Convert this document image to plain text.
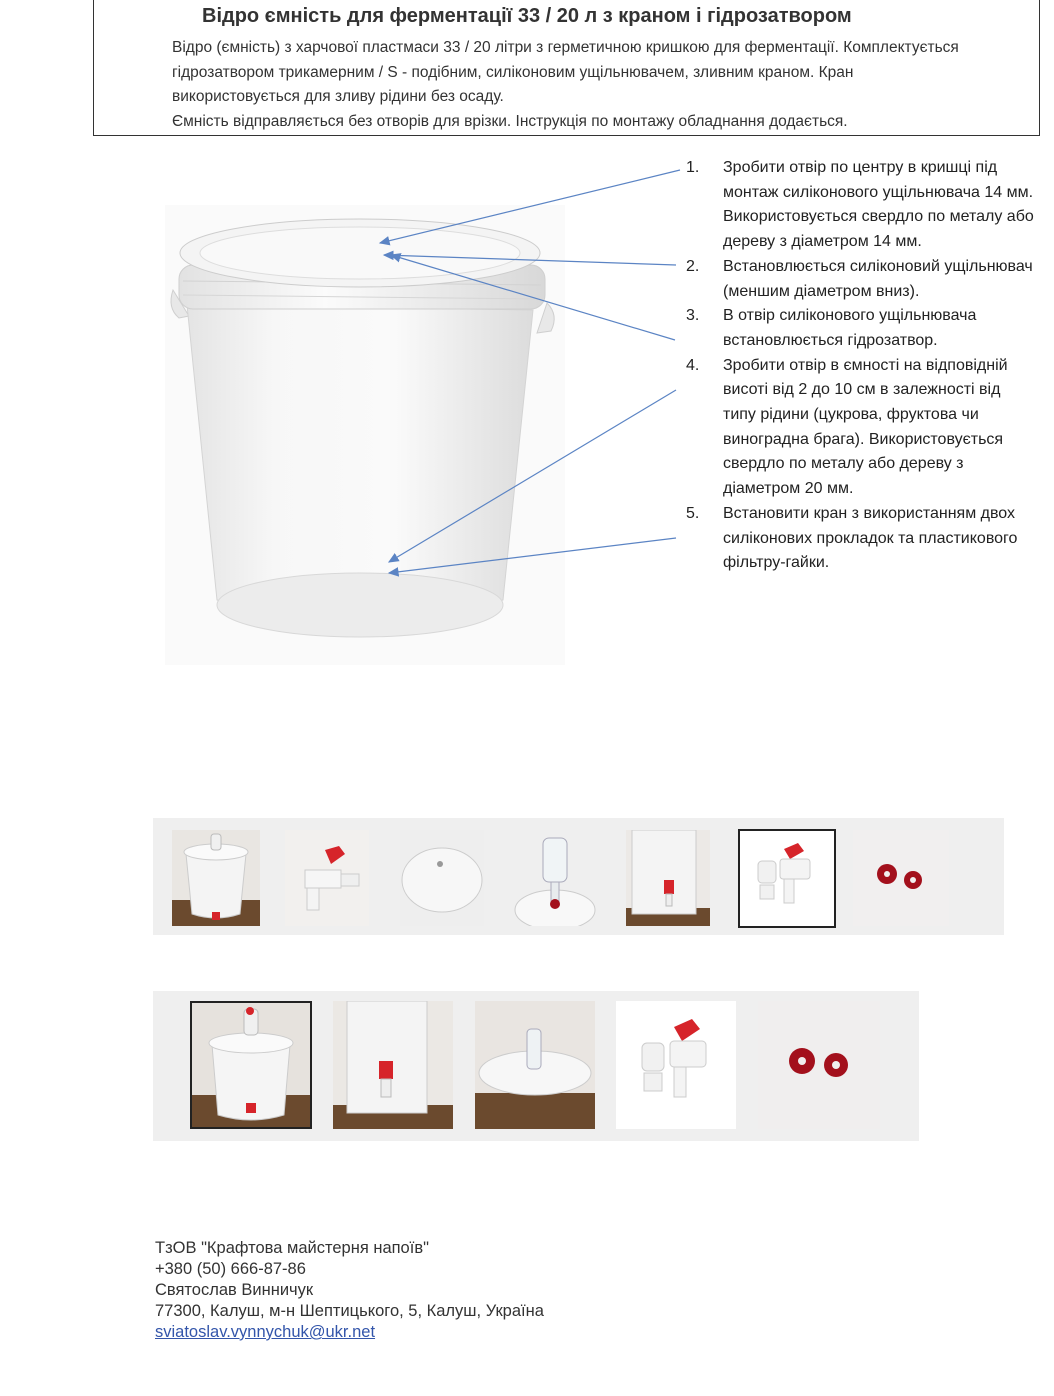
Відро ємність для ферментації 33 / 20 л з краном і гідрозатвором
Відро (ємність) з харчової пластмаси 33 / 20 літри з герметичною кришкою для ферментації. Комплектується
гідрозатвором трикамерним / S - подібним, силіконовим ущільнювачем, зливним краном. Кран
використовується для зливу рідини без осаду.
Ємність відправляється без отворів для врізки. Інструкція по монтажу обладнання додається.
1. Зробити отвір по центру в кришці під монтаж силіконового ущільнювача 14 мм. Використовується свердло по металу або дереву з діаметром 14 мм.
2. Встановлюється силіконовий ущільнювач (меншим діаметром вниз).
3. В отвір силіконового ущільнювача встановлюється гідрозатвор.
4. Зробити отвір в ємності на відповідній висоті від 2 до 10 см в залежності від типу рідини (цукрова, фруктова чи виноградна брага). Використовується свердло по металу або дереву з діаметром 20 мм.
5. Встановити кран з використанням двох силіконових прокладок та пластикового фільтру-гайки.
ТзОВ "Крафтова майстерня напоїв"
+380 (50) 666-87-86
Святослав Винничук
77300, Калуш, м-н Шептицького, 5, Калуш, Україна
sviatoslav.vynnychuk@ukr.net
